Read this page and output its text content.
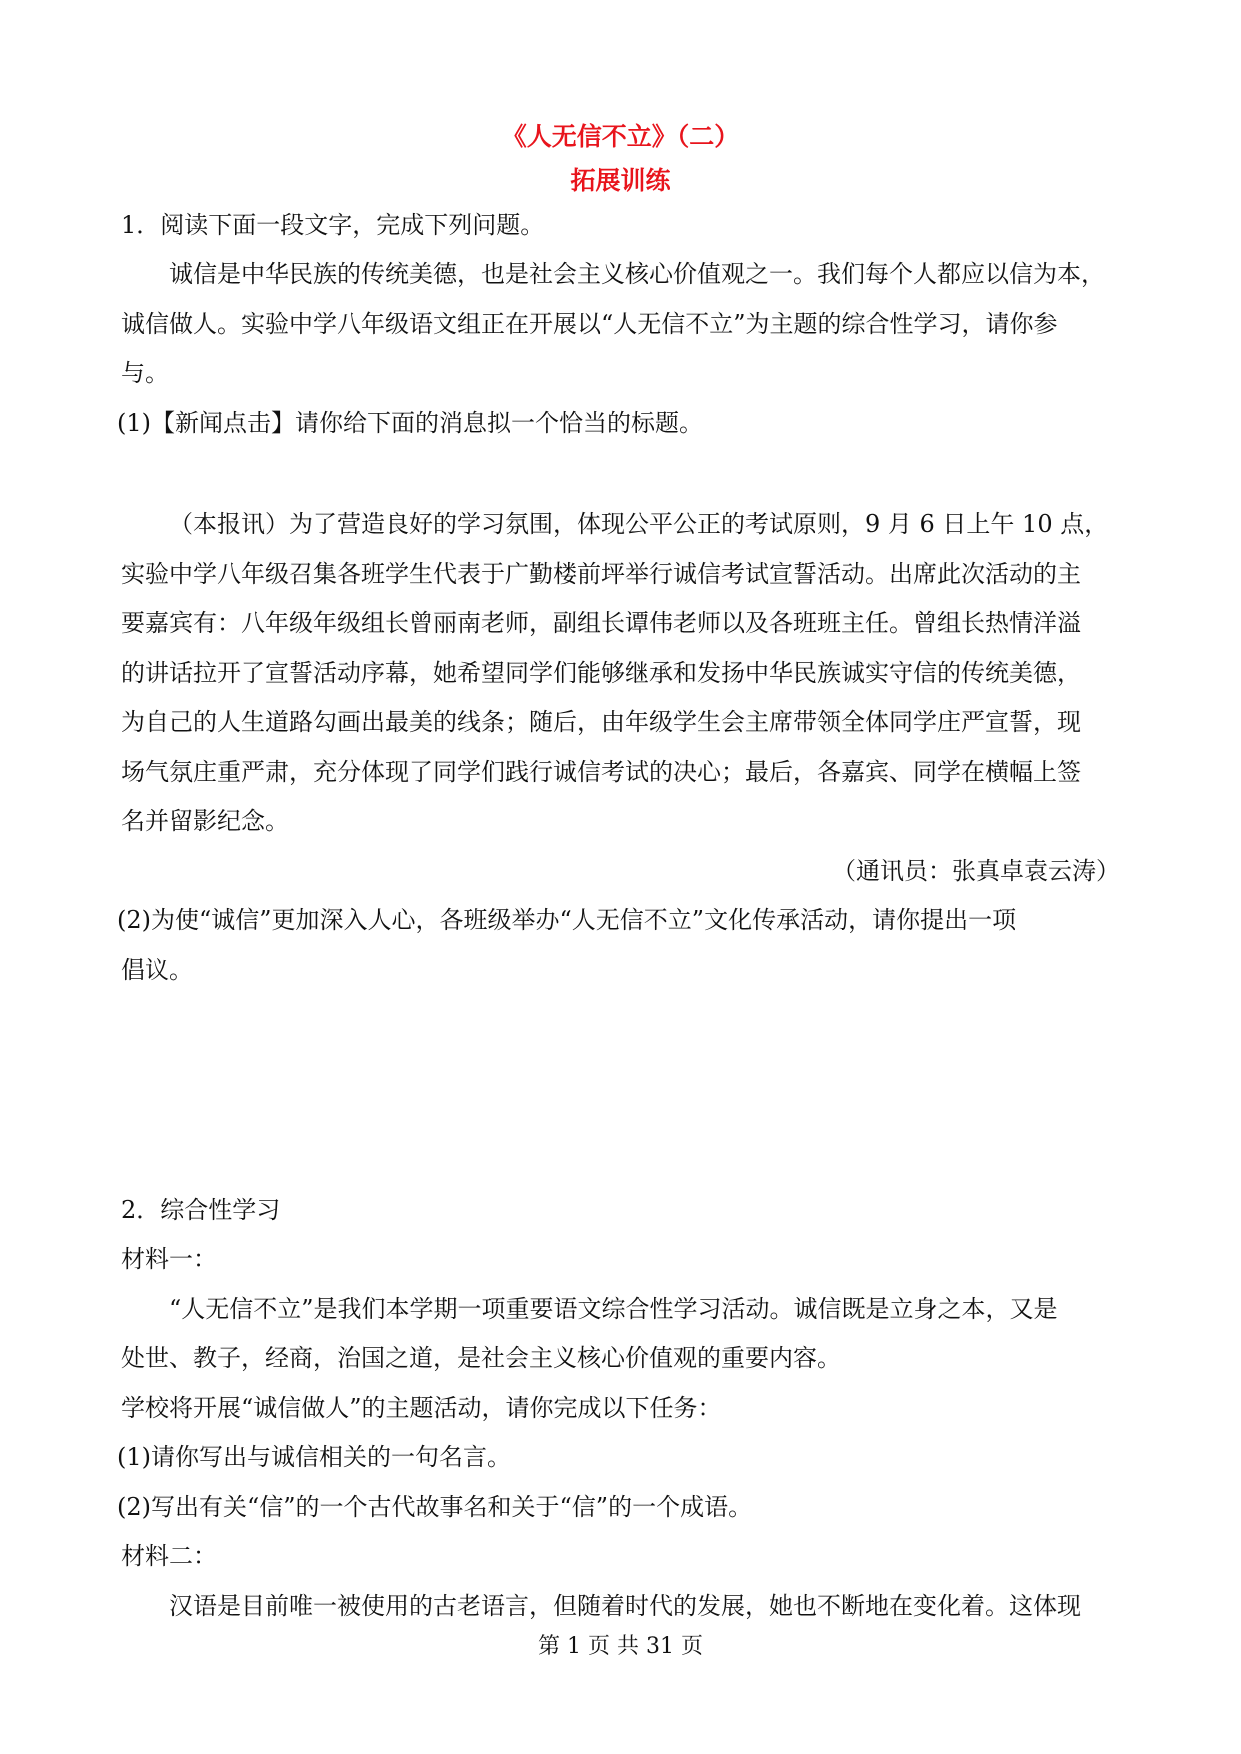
《人无信不立》（二）
拓展训练
1．阅读下面一段文字，完成下列问题。
诚信是中华民族的传统美德，也是社会主义核心价值观之一。我们每个人都应以信为本，
诚信做人。实验中学八年级语文组正在开展以“人无信不立”为主题的综合性学习，请你参
与。
(1)【新闻点击】请你给下面的消息拟一个恰当的标题。
（本报讯）为了营造良好的学习氛围，体现公平公正的考试原则，9 月 6 日上午 10 点，
实验中学八年级召集各班学生代表于广勤楼前坪举行诚信考试宣誓活动。出席此次活动的主
要嘉宾有：八年级年级组长曾丽南老师，副组长谭伟老师以及各班班主任。曾组长热情洋溢
的讲话拉开了宣誓活动序幕，她希望同学们能够继承和发扬中华民族诚实守信的传统美德，
为自己的人生道路勾画出最美的线条；随后，由年级学生会主席带领全体同学庄严宣誓，现
场气氛庄重严肃，充分体现了同学们践行诚信考试的决心；最后，各嘉宾、同学在横幅上签
名并留影纪念。
（通讯员：张真卓袁云涛）
(2)为使“诚信”更加深入人心，各班级举办“人无信不立”文化传承活动，请你提出一项
倡议。
2．综合性学习
材料一：
“人无信不立”是我们本学期一项重要语文综合性学习活动。诚信既是立身之本，又是
处世、教子，经商，治国之道，是社会主义核心价值观的重要内容。
学校将开展“诚信做人”的主题活动，请你完成以下任务：
(1)请你写出与诚信相关的一句名言。
(2)写出有关“信”的一个古代故事名和关于“信”的一个成语。
材料二：
汉语是目前唯一被使用的古老语言，但随着时代的发展，她也不断地在变化着。这体现
第 1 页 共 31 页
